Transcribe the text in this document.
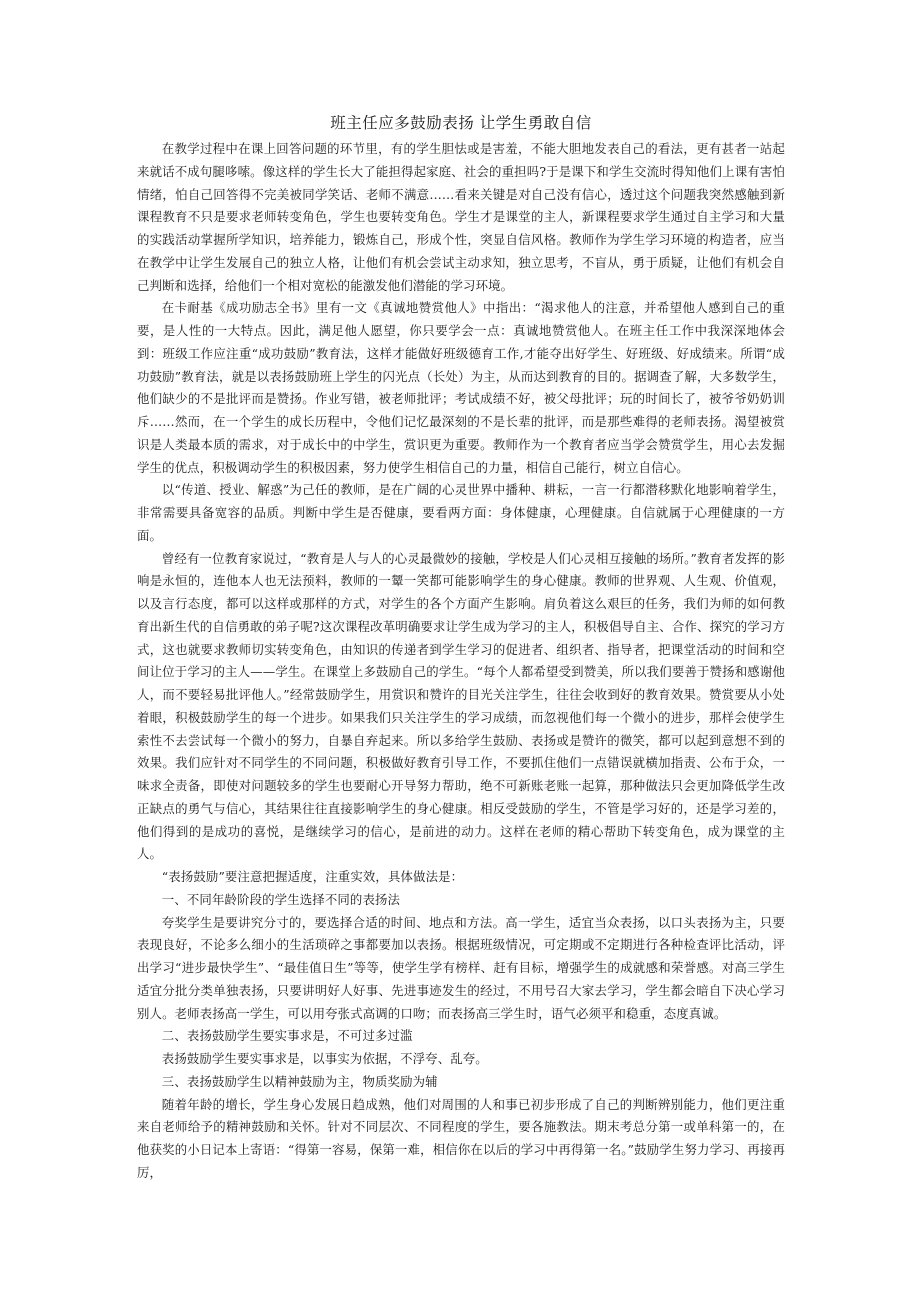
班主任应多鼓励表扬 让学生勇敢自信

在教学过程中在课上回答问题的环节里，有的学生胆怯或是害羞，不能大胆地发表自己的看法，更有甚者一站起来就话不成句腿哆嗦。像这样的学生长大了能担得起家庭、社会的重担吗?于是课下和学生交流时得知他们上课有害怕情绪，怕自己回答得不完美被同学笑话、老师不满意……看来关键是对自己没有信心，透过这个问题我突然感触到新课程教育不只是要求老师转变角色，学生也要转变角色。学生才是课堂的主人，新课程要求学生通过自主学习和大量的实践活动掌握所学知识，培养能力，锻炼自己，形成个性，突显自信风格。教师作为学生学习环境的构造者，应当在教学中让学生发展自己的独立人格，让他们有机会尝试主动求知，独立思考，不盲从，勇于质疑，让他们有机会自己判断和选择，给他们一个相对宽松的能激发他们潜能的学习环境。

在卡耐基《成功励志全书》里有一文《真诚地赞赏他人》中指出：“渴求他人的注意，并希望他人感到自己的重要，是人性的一大特点。因此，满足他人愿望，你只要学会一点：真诚地赞赏他人。在班主任工作中我深深地体会到：班级工作应注重“成功鼓励”教育法，这样才能做好班级德育工作,才能夺出好学生、好班级、好成绩来。所谓“成功鼓励”教育法，就是以表扬鼓励班上学生的闪光点（长处）为主，从而达到教育的目的。据调查了解，大多数学生，他们缺少的不是批评而是赞扬。作业写错，被老师批评；考试成绩不好，被父母批评；玩的时间长了，被爷爷奶奶训斥……然而，在一个学生的成长历程中，令他们记忆最深刻的不是长辈的批评，而是那些难得的老师表扬。渴望被赏识是人类最本质的需求，对于成长中的中学生，赏识更为重要。教师作为一个教育者应当学会赞赏学生，用心去发掘学生的优点，积极调动学生的积极因素，努力使学生相信自己的力量，相信自己能行，树立自信心。

以“传道、授业、解惑”为己任的教师，是在广阔的心灵世界中播种、耕耘，一言一行都潜移默化地影响着学生，非常需要具备宽容的品质。判断中学生是否健康，要看两方面：身体健康，心理健康。自信就属于心理健康的一方面。

曾经有一位教育家说过，“教育是人与人的心灵最微妙的接触，学校是人们心灵相互接触的场所。”教育者发挥的影响是永恒的，连他本人也无法预料，教师的一颦一笑都可能影响学生的身心健康。教师的世界观、人生观、价值观，以及言行态度，都可以这样或那样的方式，对学生的各个方面产生影响。肩负着这么艰巨的任务，我们为师的如何教育出新生代的自信勇敢的弟子呢?这次课程改革明确要求让学生成为学习的主人，积极倡导自主、合作、探究的学习方式，这也就要求教师切实转变角色，由知识的传递者到学生学习的促进者、组织者、指导者，把课堂活动的时间和空间让位于学习的主人——学生。在课堂上多鼓励自己的学生。“每个人都希望受到赞美，所以我们要善于赞扬和感谢他人，而不要轻易批评他人。”经常鼓励学生，用赏识和赞许的目光关注学生，往往会收到好的教育效果。赞赏要从小处着眼，积极鼓励学生的每一个进步。如果我们只关注学生的学习成绩，而忽视他们每一个微小的进步，那样会使学生索性不去尝试每一个微小的努力，自暴自弃起来。所以多给学生鼓励、表扬或是赞许的微笑，都可以起到意想不到的效果。我们应针对不同学生的不同问题，积极做好教育引导工作，不要抓住他们一点错误就横加指责、公布于众，一味求全责备，即使对问题较多的学生也要耐心开导努力帮助，绝不可新账老账一起算，那种做法只会更加降低学生改正缺点的勇气与信心，其结果往往直接影响学生的身心健康。相反受鼓励的学生，不管是学习好的，还是学习差的，他们得到的是成功的喜悦，是继续学习的信心，是前进的动力。这样在老师的精心帮助下转变角色，成为课堂的主人。

“表扬鼓励”要注意把握适度，注重实效，具体做法是：

一、不同年龄阶段的学生选择不同的表扬法

夸奖学生是要讲究分寸的，要选择合适的时间、地点和方法。高一学生，适宜当众表扬，以口头表扬为主，只要表现良好，不论多么细小的生活琐碎之事都要加以表扬。根据班级情况，可定期或不定期进行各种检查评比活动，评出学习“进步最快学生”、“最佳值日生”等等，使学生学有榜样、赶有目标，增强学生的成就感和荣誉感。对高三学生适宜分批分类单独表扬，只要讲明好人好事、先进事迹发生的经过，不用号召大家去学习，学生都会暗自下决心学习别人。老师表扬高一学生，可以用夸张式高调的口吻；而表扬高三学生时，语气必须平和稳重，态度真诚。

二、表扬鼓励学生要实事求是，不可过多过滥

表扬鼓励学生要实事求是，以事实为依据，不浮夸、乱夸。

三、表扬鼓励学生以精神鼓励为主，物质奖励为辅

随着年龄的增长，学生身心发展日趋成熟，他们对周围的人和事已初步形成了自己的判断辨别能力，他们更注重来自老师给予的精神鼓励和关怀。针对不同层次、不同程度的学生，要各施教法。期末考总分第一或单科第一的，在他获奖的小日记本上寄语：“得第一容易，保第一难，相信你在以后的学习中再得第一名。”鼓励学生努力学习、再接再厉，
